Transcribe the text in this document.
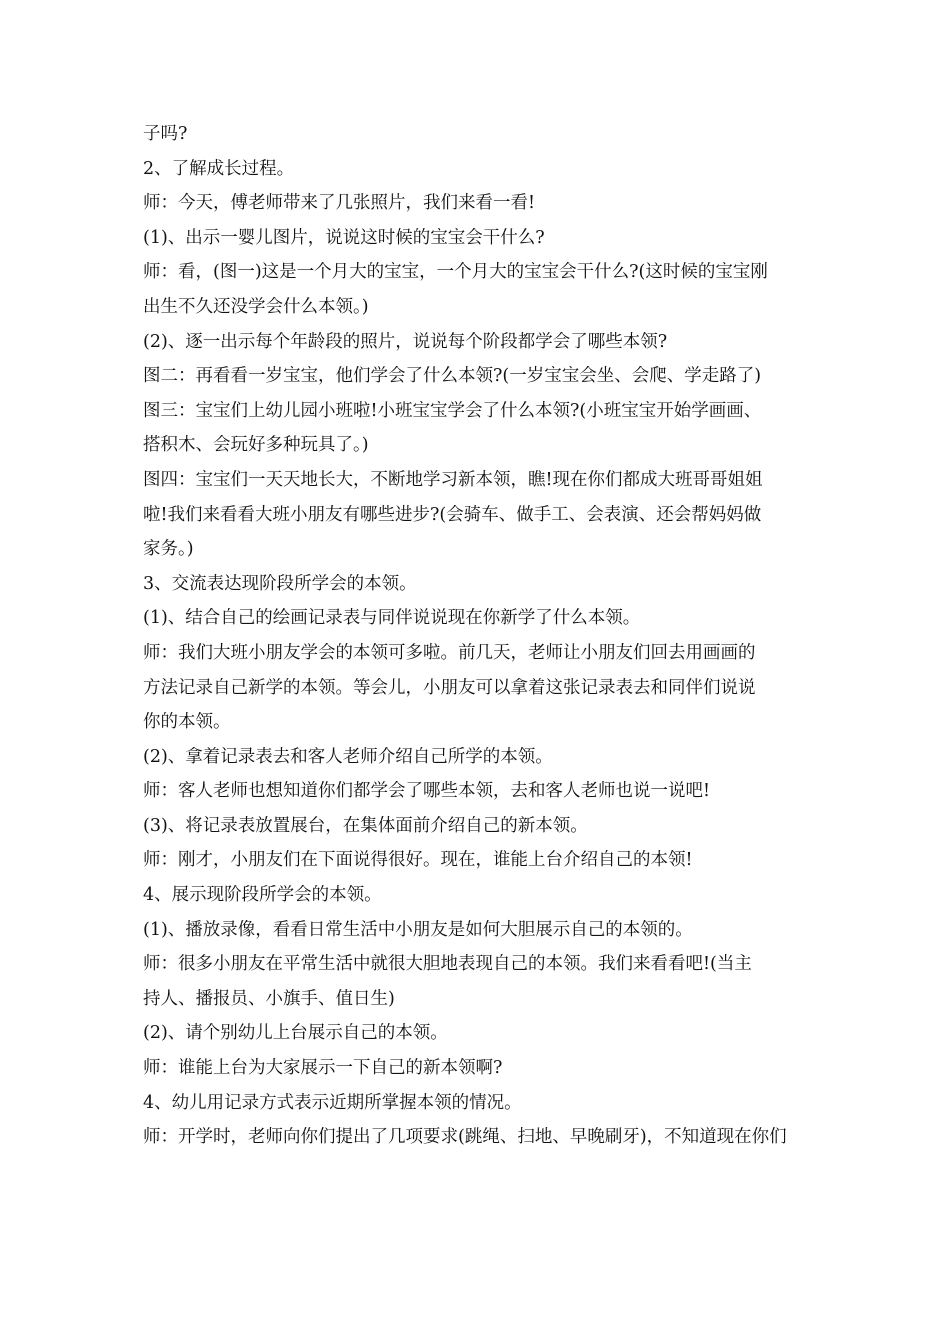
子吗?
2、了解成长过程。
师：今天，傅老师带来了几张照片，我们来看一看!
(1)、出示一婴儿图片，说说这时候的宝宝会干什么?
师：看，(图一)这是一个月大的宝宝，一个月大的宝宝会干什么?(这时候的宝宝刚
出生不久还没学会什么本领。)
(2)、逐一出示每个年龄段的照片，说说每个阶段都学会了哪些本领?
图二：再看看一岁宝宝，他们学会了什么本领?(一岁宝宝会坐、会爬、学走路了)
图三：宝宝们上幼儿园小班啦!小班宝宝学会了什么本领?(小班宝宝开始学画画、
搭积木、会玩好多种玩具了。)
图四：宝宝们一天天地长大，不断地学习新本领，瞧!现在你们都成大班哥哥姐姐
啦!我们来看看大班小朋友有哪些进步?(会骑车、做手工、会表演、还会帮妈妈做
家务。)
3、交流表达现阶段所学会的本领。
(1)、结合自己的绘画记录表与同伴说说现在你新学了什么本领。
师：我们大班小朋友学会的本领可多啦。前几天，老师让小朋友们回去用画画的
方法记录自己新学的本领。等会儿，小朋友可以拿着这张记录表去和同伴们说说
你的本领。
(2)、拿着记录表去和客人老师介绍自己所学的本领。
师：客人老师也想知道你们都学会了哪些本领，去和客人老师也说一说吧!
(3)、将记录表放置展台，在集体面前介绍自己的新本领。
师：刚才，小朋友们在下面说得很好。现在，谁能上台介绍自己的本领!
4、展示现阶段所学会的本领。
(1)、播放录像，看看日常生活中小朋友是如何大胆展示自己的本领的。
师：很多小朋友在平常生活中就很大胆地表现自己的本领。我们来看看吧!(当主
持人、播报员、小旗手、值日生)
(2)、请个别幼儿上台展示自己的本领。
师：谁能上台为大家展示一下自己的新本领啊?
4、幼儿用记录方式表示近期所掌握本领的情况。
师：开学时，老师向你们提出了几项要求(跳绳、扫地、早晚刷牙)，不知道现在你们
